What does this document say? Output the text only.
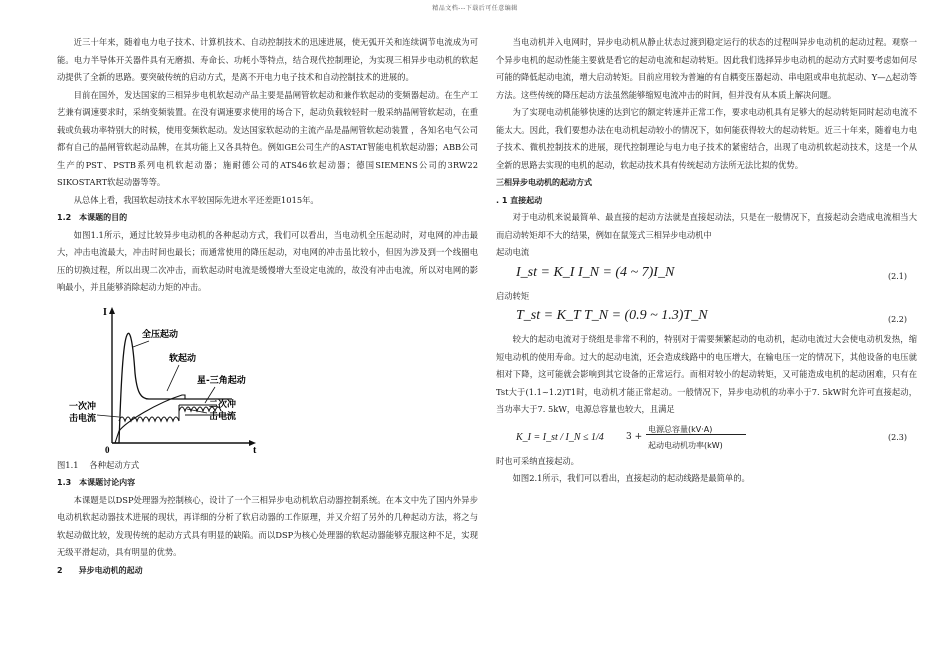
精品文档---下载后可任意编辑

近三十年来，随着电力电子技术、计算机技术、自动控制技术的迅速进展，使无弧开关和连续调节电流成为可能。电力半导体开关器件具有无磨损、寿命长、功耗小等特点，结合现代控制理论，为实现三相异步电动机的软起动提供了全新的思路。要突破传统的启动方式，是离不开电力电子技术和自动控制技术的进展的。

目前在国外，发达国家的三相异步电机软起动产品主要是晶闸管软起动和兼作软起动的变频器起动。在生产工艺兼有调速要求时，采纳变频装置。在没有调速要求使用的场合下，起动负载较轻时一般采纳晶闸管软起动，在重载或负载功率特别大的时候，使用变频软起动。发达国家软起动的主流产品是晶闸管软起动装置 ，各知名电气公司都有自己的晶闸管软起动品牌，在其功能上又各具特色。例如GE公司生产的ASTAT智能电机软起动器；ABB公司生产的PST、PSTB系列电机软起动器；施耐德公司的ATS46软起动器；德国SIEMENS公司的3RW22 SIKOSTART软起动器等等。

从总体上看，我国软起动技术水平较国际先进水平还差距1015年。

1.2　本课题的目的

如图1.1所示，通过比较异步电动机的各种起动方式，我们可以看出，当电动机全压起动时，对电网的冲击最大，冲击电流最大，冲击时间也最长；而通常使用的降压起动，对电网的冲击虽比较小，但因为涉及到一个线圈电压的切换过程，所以出现二次冲击，而软起动时电流是缓慢增大至设定电流的，故没有冲击电流，所以对电网的影响最小，并且能够消除起动力矩的冲击。

I
t
0
全压起动
软起动
星-三角起动
一次冲
击电流
二次冲
击电流

图1.1　 各种起动方式

1.3　本课题讨论内容

本课题是以DSP处理器为控制核心，设计了一个三相异步电动机软启动器控制系统。在本文中先了国内外异步电动机软起动器技术进展的现状，再详细的分析了软启动器的工作原理，并又介绍了另外的几种起动方法，将之与软起动做比较，发现传统的起动方式具有明显的缺陷。而以DSP为核心处理器的软起动器能够克服这种不足，实现无级平滑起动，具有明显的优势。

2　　异步电动机的起动

当电动机并入电网时，异步电动机从静止状态过渡到稳定运行的状态的过程叫异步电动机的起动过程。观察一个异步电机的起动性能主要就是看它的起动电流和起动转矩。因此我们选择异步电动机的起动方式时要考虑如何尽可能的降低起动电流，增大启动转矩。目前应用较为普遍的有自耦变压器起动、串电阻或串电抗起动、Y—△起动等方法。这些传统的降压起动方法虽然能够缩短电流冲击的时间，但并没有从本质上解决问题。

为了实现电动机能够快速的达到它的额定转速并正常工作，要求电动机具有足够大的起动转矩同时起动电流不能太大。因此，我们要想办法在电动机起动较小的情况下，如何能获得较大的起动转矩。近三十年来，随着电力电子技术、微机控制技术的进展，现代控制理论与电力电子技术的紧密结合，出现了电动机软起动技术，这是一个从全新的思路去实现的电机的起动，软起动技术具有传统起动方法所无法比拟的优势。

三相异步电动机的起动方式

. 1 直接起动

对于电动机来说最简单、最直接的起动方法就是直接起动法，只是在一般情况下，直接起动会造成电流相当大而启动转矩却不大的结果，例如在鼠笼式三相异步电动机中

起动电流

I_st = K_I I_N = (4 ~ 7)I_N	(2.1)

启动转矩

T_st = K_T T_N = (0.9 ~ 1.3)T_N	(2.2)

较大的起动电流对于绕组是非常不利的，特别对于需要频繁起动的电动机，起动电流过大会使电动机发热，缩短电动机的使用寿命。过大的起动电流，还会造成线路中的电压增大，在输电压一定的情况下，其他设备的电压就相对下降，这可能就会影响到其它设备的正常运行。而相对较小的起动转矩，又可能造成电机的起动困难，只有在Tst大于(1.1~1.2)T1时，电动机才能正常起动。一般情况下，异步电动机的功率小于7. 5kW时允许可直接起动，当功率大于7. 5kW，电源总容量也较大，且满足

K_I = I_st / I_N ≤ 1/4 3 +
电源总容量(kV·A)
起动电动机功率(kW)
(2.3)

时也可采纳直接起动。

如图2.1所示，我们可以看出，直接起动的起动线路是最简单的。
